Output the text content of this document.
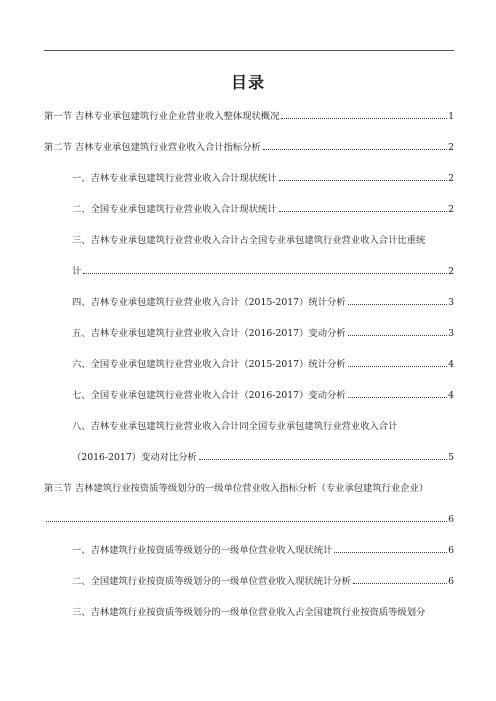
目录
第一节 吉林专业承包建筑行业企业营业收入整体现状概况	1
第二节 吉林专业承包建筑行业营业收入合计指标分析	2
一、吉林专业承包建筑行业营业收入合计现状统计	2
二、全国专业承包建筑行业营业收入合计现状统计	2
三、吉林专业承包建筑行业营业收入合计占全国专业承包建筑行业营业收入合计比重统
计	2
四、吉林专业承包建筑行业营业收入合计（2015-2017）统计分析	3
五、吉林专业承包建筑行业营业收入合计（2016-2017）变动分析	3
六、全国专业承包建筑行业营业收入合计（2015-2017）统计分析	4
七、全国专业承包建筑行业营业收入合计（2016-2017）变动分析	4
八、吉林专业承包建筑行业营业收入合计同全国专业承包建筑行业营业收入合计
（2016-2017）变动对比分析	5
第三节 吉林建筑行业按资质等级划分的一级单位营业收入指标分析（专业承包建筑行业企业）
6
一、吉林建筑行业按资质等级划分的一级单位营业收入现状统计	6
二、全国建筑行业按资质等级划分的一级单位营业收入现状统计分析	6
三、吉林建筑行业按资质等级划分的一级单位营业收入占全国建筑行业按资质等级划分
